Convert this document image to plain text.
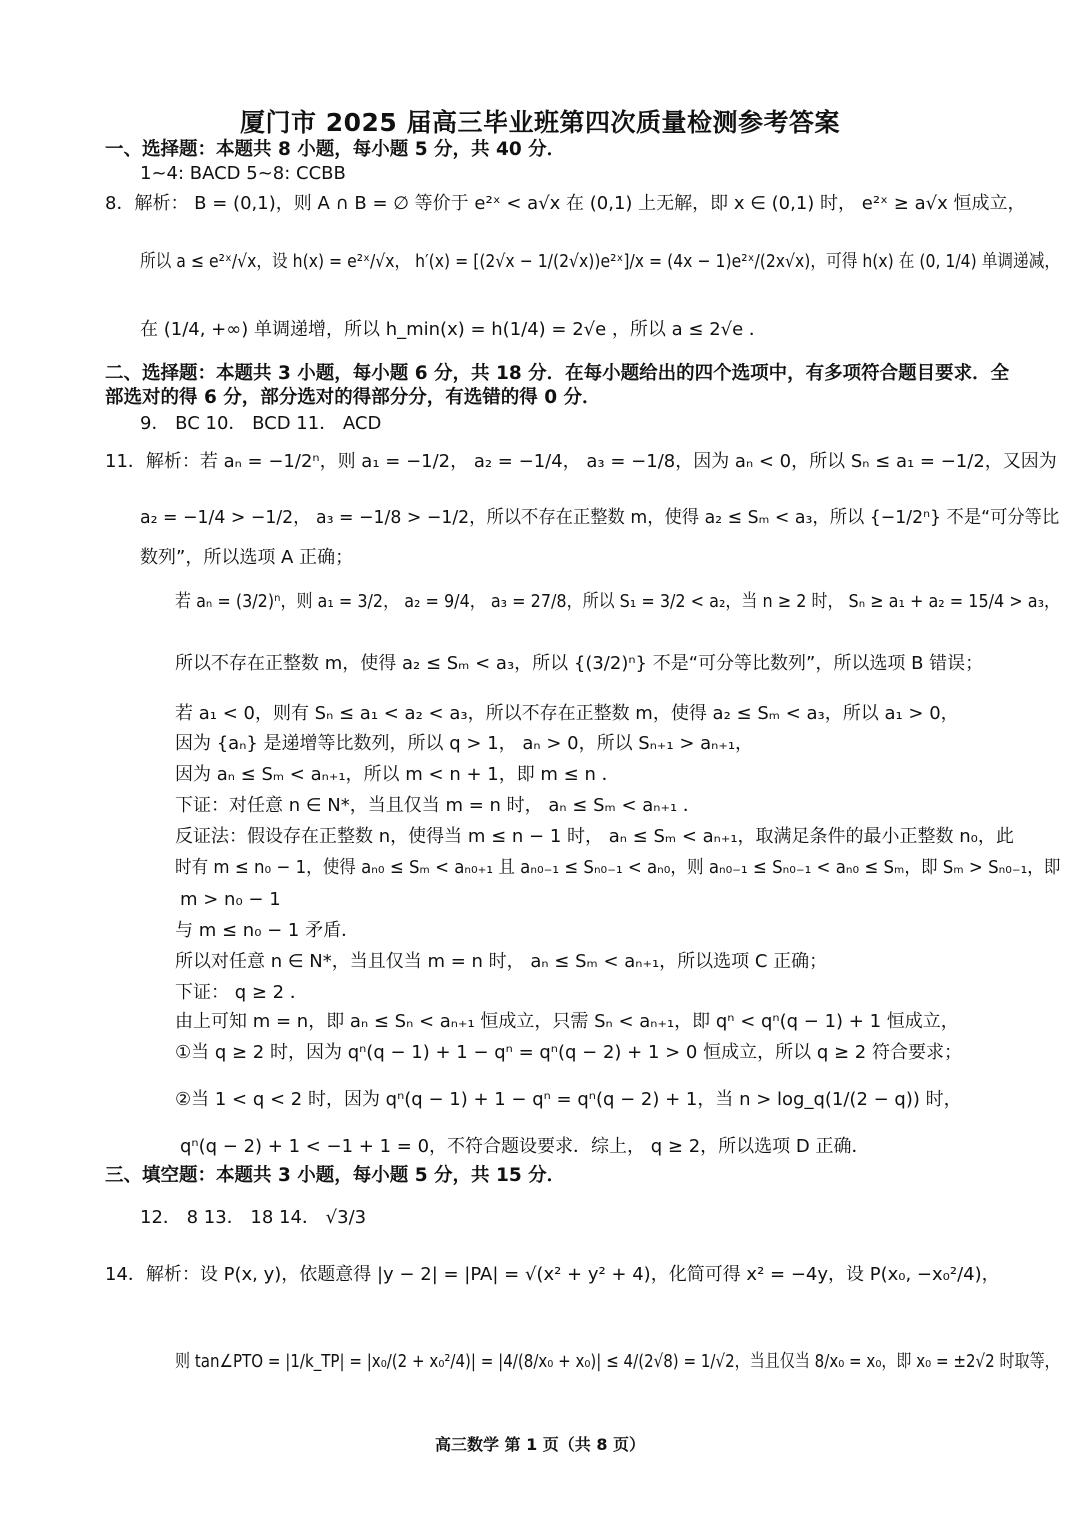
厦门市 2025 届高三毕业班第四次质量检测参考答案
一、选择题：本题共 8 小题，每小题 5 分，共 40 分．
1~4: BACD 5~8: CCBB
8．解析： B = (0,1)，则 A ∩ B = ∅ 等价于 e²ˣ < a√x 在 (0,1) 上无解，即 x ∈ (0,1) 时， e²ˣ ≥ a√x 恒成立，
所以 a ≤ e²ˣ/√x，设 h(x) = e²ˣ/√x， h′(x) = [(2√x − 1/(2√x))e²ˣ]/x = (4x − 1)e²ˣ/(2x√x)，可得 h(x) 在 (0, 1/4) 单调递减，
在 (1/4, +∞) 单调递增，所以 h_min(x) = h(1/4) = 2√e ，所以 a ≤ 2√e ．
二、选择题：本题共 3 小题，每小题 6 分，共 18 分．在每小题给出的四个选项中，有多项符合题目要求．全
部选对的得 6 分，部分选对的得部分分，有选错的得 0 分．
9． BC 10． BCD 11． ACD
11．解析：若 aₙ = −1/2ⁿ，则 a₁ = −1/2， a₂ = −1/4， a₃ = −1/8，因为 aₙ < 0，所以 Sₙ ≤ a₁ = −1/2，又因为
a₂ = −1/4 > −1/2， a₃ = −1/8 > −1/2，所以不存在正整数 m，使得 a₂ ≤ Sₘ < a₃，所以 {−1/2ⁿ} 不是“可分等比
数列”，所以选项 A 正确；
若 aₙ = (3/2)ⁿ，则 a₁ = 3/2， a₂ = 9/4， a₃ = 27/8，所以 S₁ = 3/2 < a₂，当 n ≥ 2 时， Sₙ ≥ a₁ + a₂ = 15/4 > a₃，
所以不存在正整数 m，使得 a₂ ≤ Sₘ < a₃，所以 {(3/2)ⁿ} 不是“可分等比数列”，所以选项 B 错误；
若 a₁ < 0，则有 Sₙ ≤ a₁ < a₂ < a₃，所以不存在正整数 m，使得 a₂ ≤ Sₘ < a₃，所以 a₁ > 0，
因为 {aₙ} 是递增等比数列，所以 q > 1， aₙ > 0，所以 Sₙ₊₁ > aₙ₊₁，
因为 aₙ ≤ Sₘ < aₙ₊₁，所以 m < n + 1，即 m ≤ n ．
下证：对任意 n ∈ N*，当且仅当 m = n 时， aₙ ≤ Sₘ < aₙ₊₁ ．
反证法：假设存在正整数 n，使得当 m ≤ n − 1 时， aₙ ≤ Sₘ < aₙ₊₁，取满足条件的最小正整数 n₀，此
时有 m ≤ n₀ − 1，使得 aₙ₀ ≤ Sₘ < aₙ₀₊₁ 且 aₙ₀₋₁ ≤ Sₙ₀₋₁ < aₙ₀，则 aₙ₀₋₁ ≤ Sₙ₀₋₁ < aₙ₀ ≤ Sₘ，即 Sₘ > Sₙ₀₋₁，即
m > n₀ − 1
与 m ≤ n₀ − 1 矛盾．
所以对任意 n ∈ N*，当且仅当 m = n 时， aₙ ≤ Sₘ < aₙ₊₁，所以选项 C 正确；
下证： q ≥ 2 ．
由上可知 m = n，即 aₙ ≤ Sₙ < aₙ₊₁ 恒成立，只需 Sₙ < aₙ₊₁，即 qⁿ < qⁿ(q − 1) + 1 恒成立，
①当 q ≥ 2 时，因为 qⁿ(q − 1) + 1 − qⁿ = qⁿ(q − 2) + 1 > 0 恒成立，所以 q ≥ 2 符合要求；
②当 1 < q < 2 时，因为 qⁿ(q − 1) + 1 − qⁿ = qⁿ(q − 2) + 1，当 n > log_q(1/(2 − q)) 时，
qⁿ(q − 2) + 1 < −1 + 1 = 0，不符合题设要求．综上， q ≥ 2，所以选项 D 正确．
三、填空题：本题共 3 小题，每小题 5 分，共 15 分．
12． 8 13． 18 14． √3/3
14．解析：设 P(x, y)，依题意得 |y − 2| = |PA| = √(x² + y² + 4)，化简可得 x² = −4y，设 P(x₀, −x₀²/4)，
则 tan∠PTO = |1/k_TP| = |x₀/(2 + x₀²/4)| = |4/(8/x₀ + x₀)| ≤ 4/(2√8) = 1/√2，当且仅当 8/x₀ = x₀，即 x₀ = ±2√2 时取等，
高三数学 第 1 页（共 8 页）
